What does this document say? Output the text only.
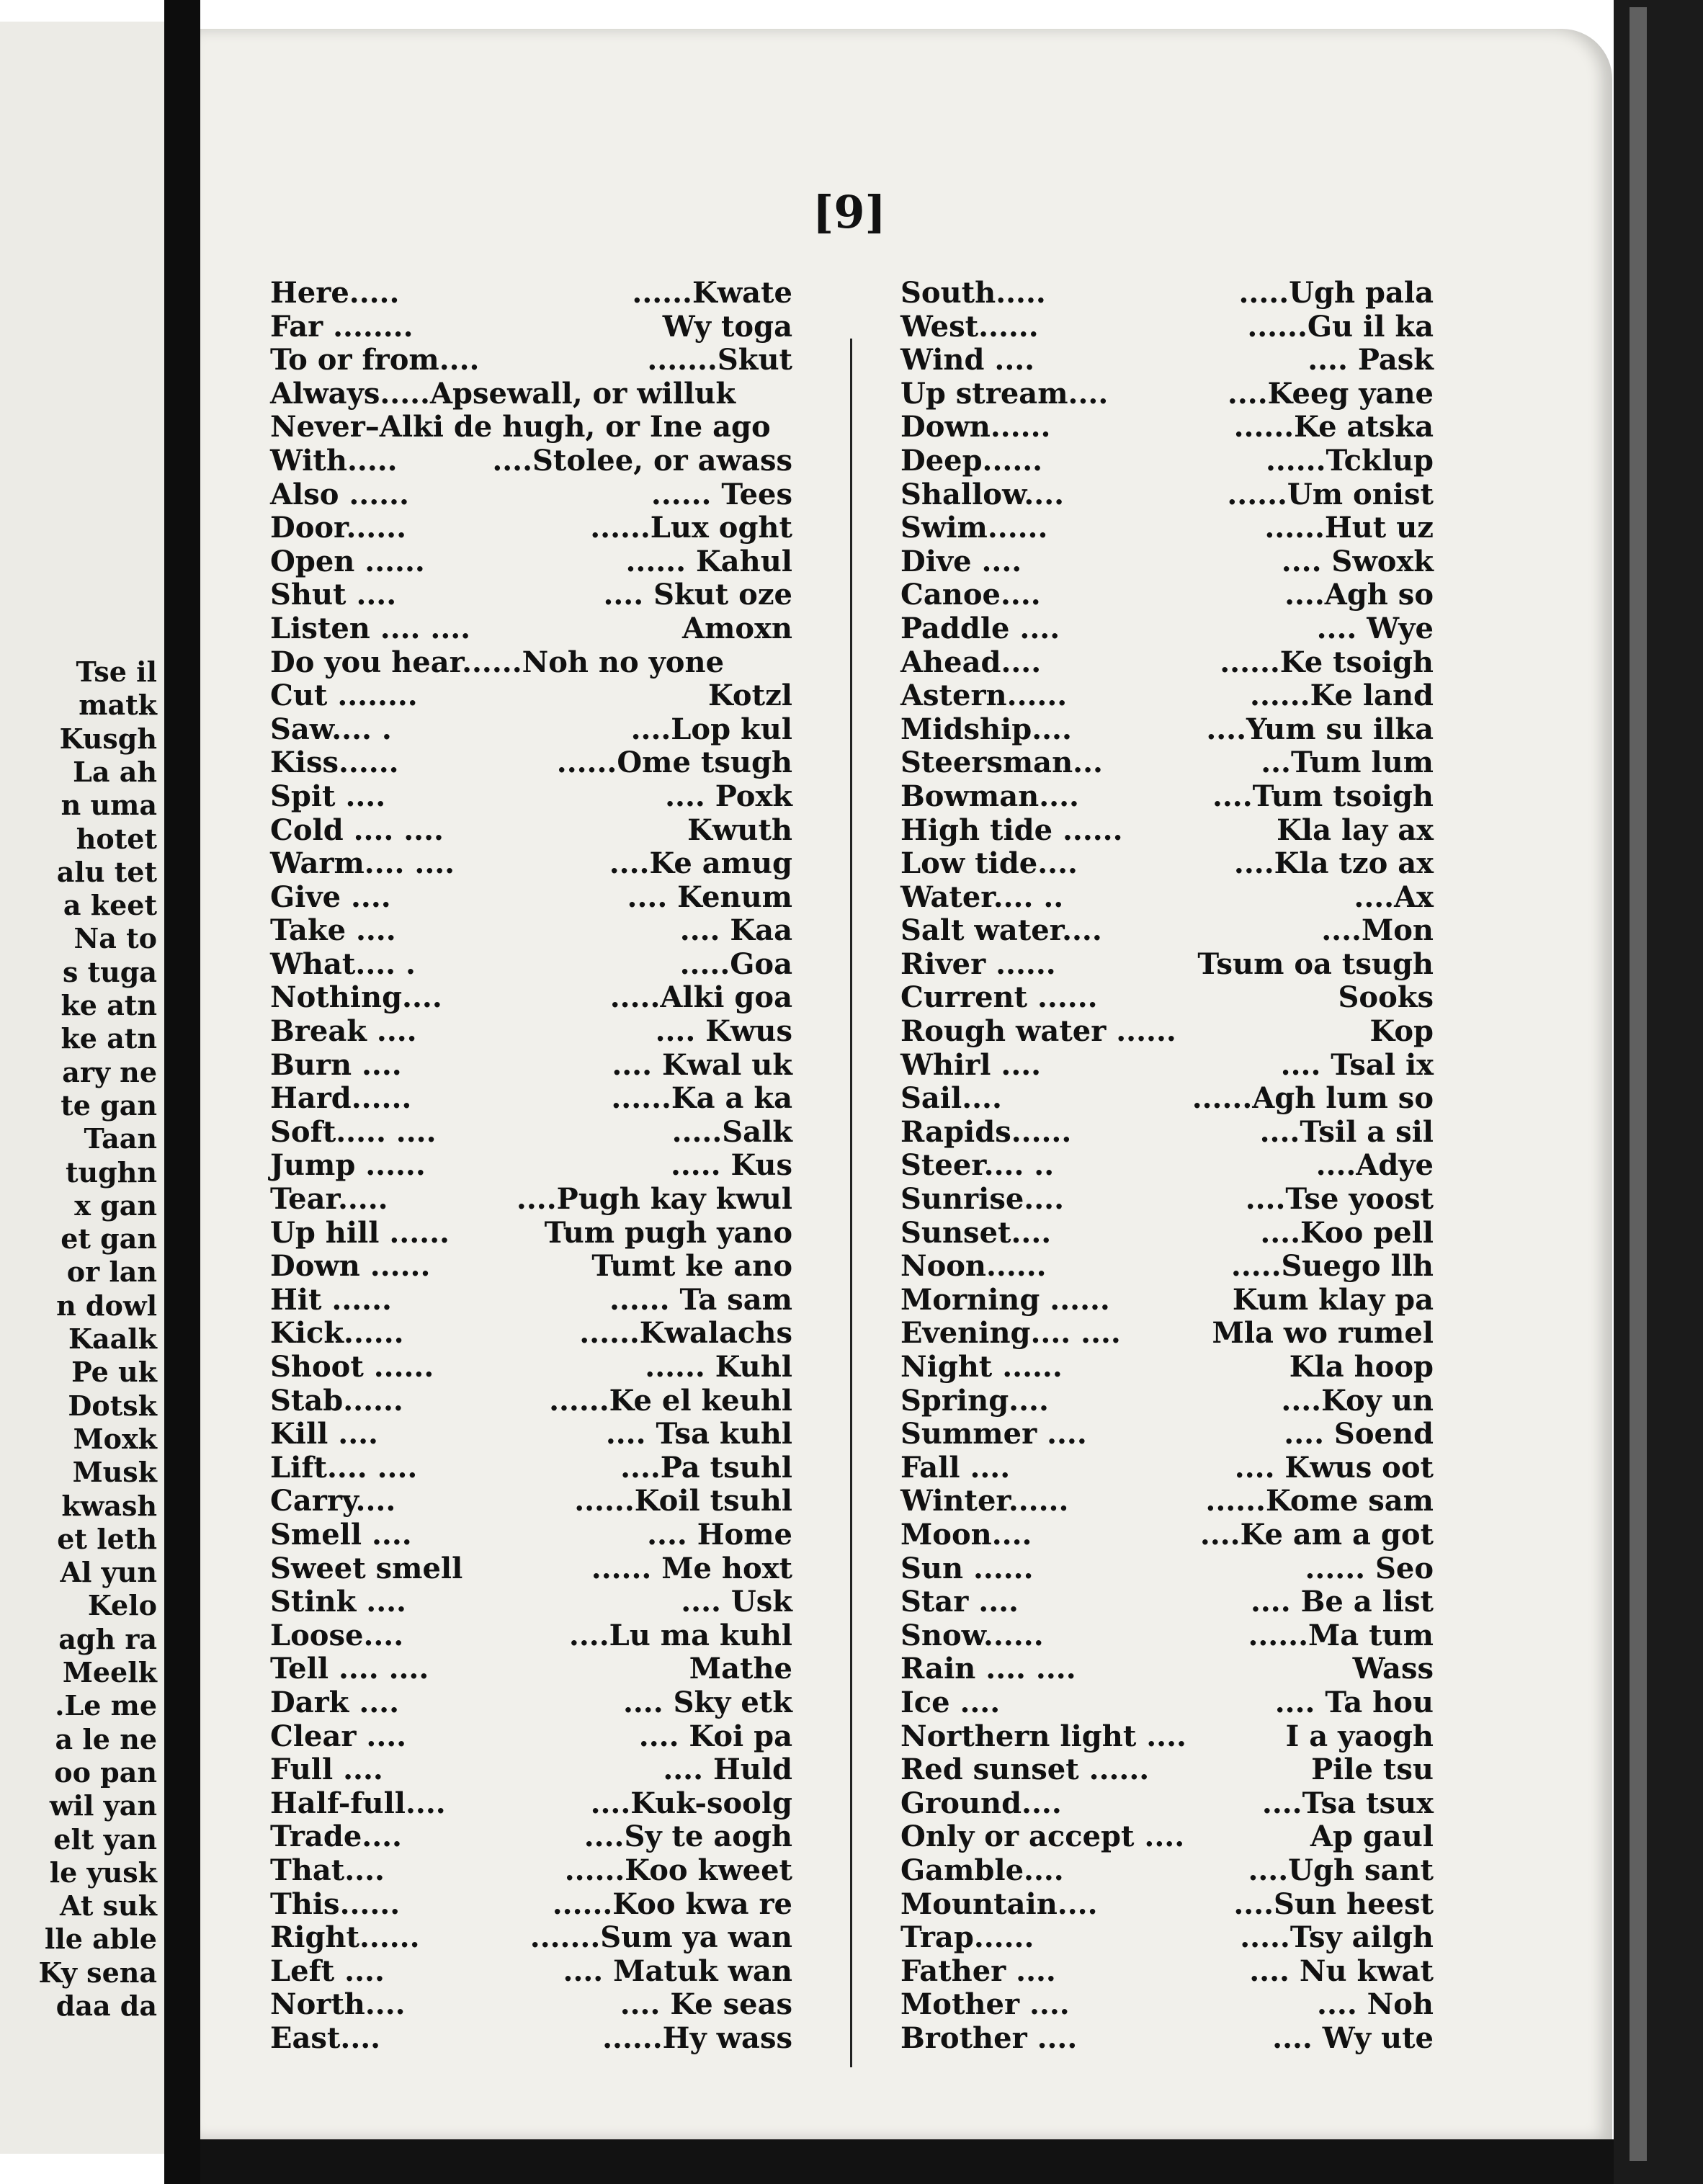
Tse il
matk
Kusgh
La ah
n uma
hotet
alu tet
a keet
Na to
s tuga
ke atn
ke atn
ary ne
te gan
Taan
tughn
x gan
et gan
or lan
n dowl
Kaalk
Pe uk
Dotsk
Moxk
Musk
kwash
et leth
Al yun
Kelo
agh ra
Meelk
.Le me
a le ne
oo pan
wil yan
elt yan
le yusk
At suk
lle able
Ky sena
daa da
[9]
Here.....	......Kwate
Far ........	Wy toga
To or from....	.......Skut
Always.....Apsewall, or willuk
Never–Alki de hugh, or Ine ago
With.....	....Stolee, or awass
Also ......	...... Tees
Door......	......Lux oght
Open ......	...... Kahul
Shut ....	.... Skut oze
Listen .... ....	Amoxn
Do you hear......Noh no yone
Cut ........	Kotzl
Saw.... .	....Lop kul
Kiss......	......Ome tsugh
Spit ....	.... Poxk
Cold .... ....	Kwuth
Warm.... ....	....Ke amug
Give ....	.... Kenum
Take ....	.... Kaa
What.... .	.....Goa
Nothing....	.....Alki goa
Break ....	.... Kwus
Burn ....	.... Kwal uk
Hard......	......Ka a ka
Soft..... ....	.....Salk
Jump ......	..... Kus
Tear.....	....Pugh kay kwul
Up hill ......	Tum pugh yano
Down ......	Tumt ke ano
Hit ......	...... Ta sam
Kick......	......Kwalachs
Shoot ......	...... Kuhl
Stab......	......Ke el keuhl
Kill ....	.... Tsa kuhl
Lift.... ....	....Pa tsuhl
Carry....	......Koil tsuhl
Smell ....	.... Home
Sweet smell	...... Me hoxt
Stink ....	.... Usk
Loose....	....Lu ma kuhl
Tell .... ....	Mathe
Dark ....	.... Sky etk
Clear ....	.... Koi pa
Full ....	.... Huld
Half-full....	....Kuk-soolg
Trade....	....Sy te aogh
That....	......Koo kweet
This......	......Koo kwa re
Right......	.......Sum ya wan
Left ....	.... Matuk wan
North....	.... Ke seas
East....	......Hy wass
South.....	.....Ugh pala
West......	......Gu il ka
Wind ....	.... Pask
Up stream....	....Keeg yane
Down......	......Ke atska
Deep......	......Tcklup
Shallow....	......Um onist
Swim......	......Hut uz
Dive ....	.... Swoxk
Canoe....	....Agh so
Paddle ....	.... Wye
Ahead....	......Ke tsoigh
Astern......	......Ke land
Midship....	....Yum su ilka
Steersman...	...Tum lum
Bowman....	....Tum tsoigh
High tide ......	Kla lay ax
Low tide....	....Kla tzo ax
Water.... ..	....Ax
Salt water....	....Mon
River ......	Tsum oa tsugh
Current ......	Sooks
Rough water ......	Kop
Whirl ....	.... Tsal ix
Sail....	......Agh lum so
Rapids......	....Tsil a sil
Steer.... ..	....Adye
Sunrise....	....Tse yoost
Sunset....	....Koo pell
Noon......	.....Suego llh
Morning ......	Kum klay pa
Evening.... ....	Mla wo rumel
Night ......	Kla hoop
Spring....	....Koy un
Summer ....	.... Soend
Fall ....	.... Kwus oot
Winter......	......Kome sam
Moon....	....Ke am a got
Sun ......	...... Seo
Star ....	.... Be a list
Snow......	......Ma tum
Rain .... ....	Wass
Ice ....	.... Ta hou
Northern light ....	I a yaogh
Red sunset ......	Pile tsu
Ground....	....Tsa tsux
Only or accept ....	Ap gaul
Gamble....	....Ugh sant
Mountain....	....Sun heest
Trap......	.....Tsy ailgh
Father ....	.... Nu kwat
Mother ....	.... Noh
Brother ....	.... Wy ute
